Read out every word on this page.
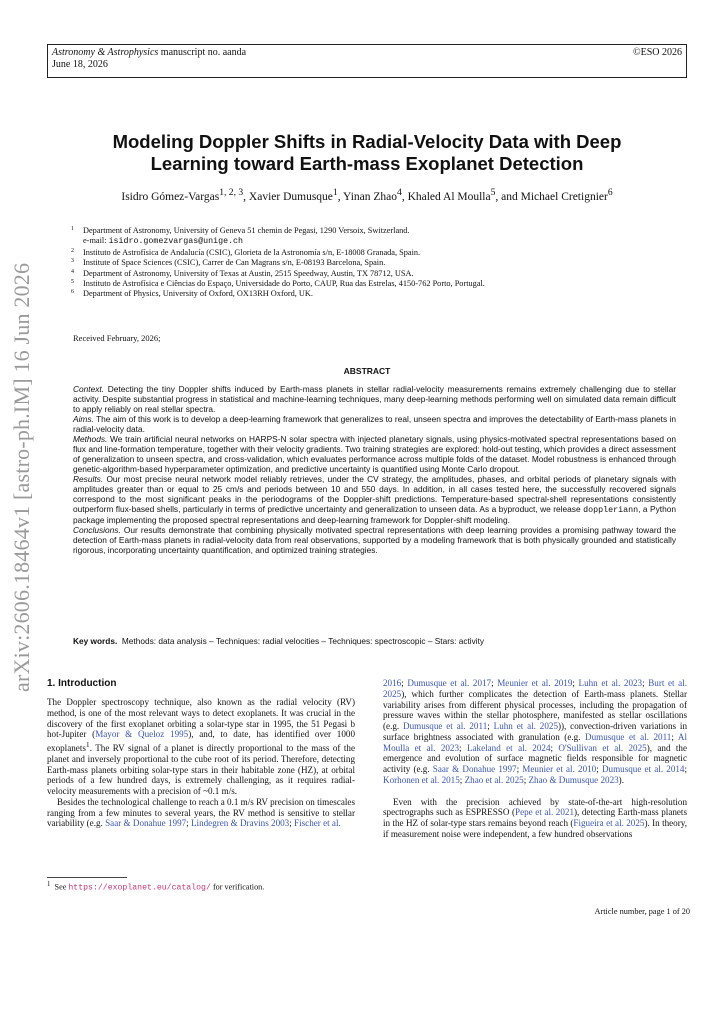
Astronomy & Astrophysics manuscript no. aanda
June 18, 2026
©ESO 2026
arXiv:2606.18464v1 [astro-ph.IM] 16 Jun 2026
Modeling Doppler Shifts in Radial-Velocity Data with Deep
Learning toward Earth-mass Exoplanet Detection
Isidro Gómez-Vargas$^{1, 2, 3}$, Xavier Dumusque$^1$, Yinan Zhao$^4$, Khaled Al Moulla$^5$, and Michael Cretignier$^6$
1 Department of Astronomy, University of Geneva 51 chemin de Pegasi, 1290 Versoix, Switzerland.
e-mail: isidro.gomezvargas@unige.ch
2 Instituto de Astrofísica de Andalucía (CSIC), Glorieta de la Astronomía s/n, E-18008 Granada, Spain.
3 Institute of Space Sciences (CSIC), Carrer de Can Magrans s/n, E-08193 Barcelona, Spain.
4 Department of Astronomy, University of Texas at Austin, 2515 Speedway, Austin, TX 78712, USA.
5 Instituto de Astrofísica e Ciências do Espaço, Universidade do Porto, CAUP, Rua das Estrelas, 4150-762 Porto, Portugal.
6 Department of Physics, University of Oxford, OX13RH Oxford, UK.
Received February, 2026;
ABSTRACT

Context. Detecting the tiny Doppler shifts induced by Earth-mass planets in stellar radial-velocity measurements remains extremely challenging due to stellar activity. Despite substantial progress in statistical and machine-learning techniques, many deep-learning methods performing well on simulated data remain difficult to apply reliably on real stellar spectra.

Aims. The aim of this work is to develop a deep-learning framework that generalizes to real, unseen spectra and improves the detectability of Earth-mass planets in radial-velocity data.

Methods. We train artificial neural networks on HARPS-N solar spectra with injected planetary signals, using physics-motivated spectral representations based on flux and line-formation temperature, together with their velocity gradients. Two training strategies are explored: hold-out testing, which provides a direct assessment of generalization to unseen spectra, and cross-validation, which evaluates performance across multiple folds of the dataset. Model robustness is enhanced through genetic-algorithm-based hyperparameter optimization, and predictive uncertainty is quantified using Monte Carlo dropout.

Results. Our most precise neural network model reliably retrieves, under the CV strategy, the amplitudes, phases, and orbital periods of planetary signals with amplitudes greater than or equal to 25 cm/s and periods between 10 and 550 days. In addition, in all cases tested here, the successfully recovered signals correspond to the most significant peaks in the periodograms of the Doppler-shift predictions. Temperature-based spectral-shell representations consistently outperform flux-based shells, particularly in terms of predictive uncertainty and generalization to unseen data. As a byproduct, we release doppleriann, a Python package implementing the proposed spectral representations and deep-learning framework for Doppler-shift modeling.

Conclusions. Our results demonstrate that combining physically motivated spectral representations with deep learning provides a promising pathway toward the detection of Earth-mass planets in radial-velocity data from real observations, supported by a modeling framework that is both physically grounded and statistically rigorous, incorporating uncertainty quantification, and optimized training strategies.

Key words. Methods: data analysis – Techniques: radial velocities – Techniques: spectroscopic – Stars: activity
1. Introduction

The Doppler spectroscopy technique, also known as the radial velocity (RV) method, is one of the most relevant ways to detect exoplanets. It was crucial in the discovery of the first exoplanet orbiting a solar-type star in 1995, the 51 Pegasi b hot-Jupiter (Mayor & Queloz 1995), and, to date, has identified over 1000 exoplanets$^1$. The RV signal of a planet is directly proportional to the mass of the planet and inversely proportional to the cube root of its period. Therefore, detecting Earth-mass planets orbiting solar-type stars in their habitable zone (HZ), at orbital periods of a few hundred days, is extremely challenging, as it requires radial-velocity measurements with a precision of ~0.1 m/s.

Besides the technological challenge to reach a 0.1 m/s RV precision on timescales ranging from a few minutes to several years, the RV method is sensitive to stellar variability (e.g. Saar & Donahue 1997; Lindegren & Dravins 2003; Fischer et al.

$^1$ See https://exoplanet.eu/catalog/ for verification.

2016; Dumusque et al. 2017; Meunier et al. 2019; Luhn et al. 2023; Burt et al. 2025), which further complicates the detection of Earth-mass planets. Stellar variability arises from different physical processes, including the propagation of pressure waves within the stellar photosphere, manifested as stellar oscillations (e.g. Dumusque et al. 2011; Luhn et al. 2025)), convection-driven variations in surface brightness associated with granulation (e.g. Dumusque et al. 2011; Al Moulla et al. 2023; Lakeland et al. 2024; O'Sullivan et al. 2025), and the emergence and evolution of surface magnetic fields responsible for magnetic activity (e.g. Saar & Donahue 1997; Meunier et al. 2010; Dumusque et al. 2014; Korhonen et al. 2015; Zhao et al. 2025; Zhao & Dumusque 2023).

Even with the precision achieved by state-of-the-art high-resolution spectrographs such as ESPRESSO (Pepe et al. 2021), detecting Earth-mass planets in the HZ of solar-type stars remains beyond reach (Figueira et al. 2025). In theory, if measurement noise were independent, a few hundred observations

Article number, page 1 of 20
